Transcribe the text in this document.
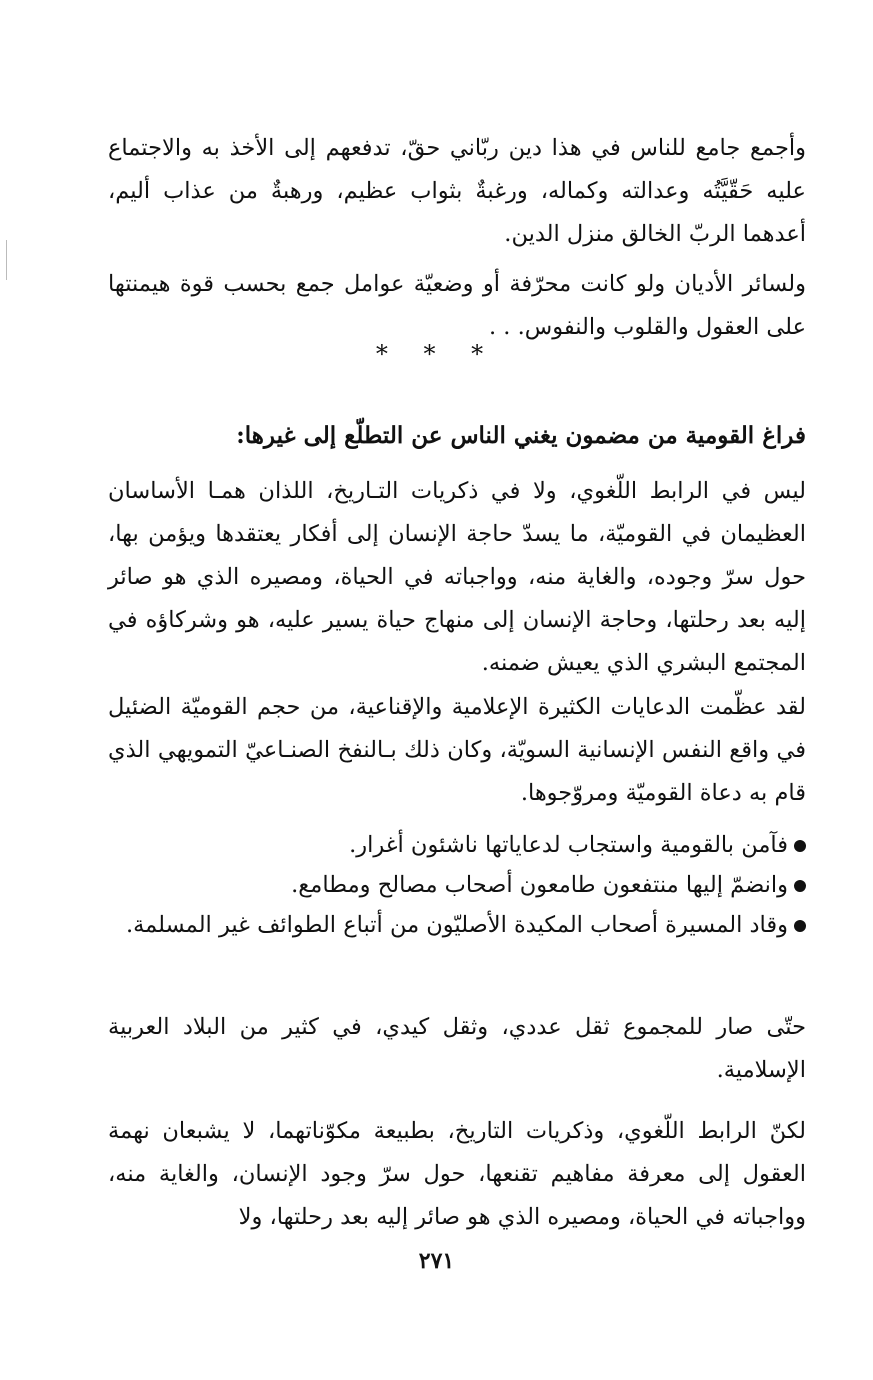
وأجمع جامع للناس في هذا دين ربّاني حقّ، تدفعهم إلى الأخذ به والاجتماع عليه حَقّيَّتُه وعدالته وكماله، ورغبةٌ بثواب عظيم، ورهبةٌ من عذاب أليم، أعدهما الربّ الخالق منزل الدين.

ولسائر الأديان ولو كانت محرّفة أو وضعيّة عوامل جمع بحسب قوة هيمنتها على العقول والقلوب والنفوس. . .

* * *
فراغ القومية من مضمون يغني الناس عن التطلّع إلى غيرها:

ليس في الرابط اللّغوي، ولا في ذكريات التـاريخ، اللذان همـا الأساسان العظيمان في القوميّة، ما يسدّ حاجة الإنسان إلى أفكار يعتقدها ويؤمن بها، حول سرّ وجوده، والغاية منه، وواجباته في الحياة، ومصيره الذي هو صائر إليه بعد رحلتها، وحاجة الإنسان إلى منهاج حياة يسير عليه، هو وشركاؤه في المجتمع البشري الذي يعيش ضمنه.

لقد عظّمت الدعايات الكثيرة الإعلامية والإقناعية، من حجم القوميّة الضئيل في واقع النفس الإنسانية السويّة، وكان ذلك بـالنفخ الصنـاعيّ التمويهي الذي قام به دعاة القوميّة ومروّجوها.

فآمن بالقومية واستجاب لدعاياتها ناشئون أغرار.

وانضمّ إليها منتفعون طامعون أصحاب مصالح ومطامع.

وقاد المسيرة أصحاب المكيدة الأصليّون من أتباع الطوائف غير المسلمة.

حتّى صار للمجموع ثقل عددي، وثقل كيدي، في كثير من البلاد العربية الإسلامية.

لكنّ الرابط اللّغوي، وذكريات التاريخ، بطبيعة مكوّناتهما، لا يشبعان نهمة العقول إلى معرفة مفاهيم تقنعها، حول سرّ وجود الإنسان، والغاية منه، وواجباته في الحياة، ومصيره الذي هو صائر إليه بعد رحلتها، ولا

٢٧١
